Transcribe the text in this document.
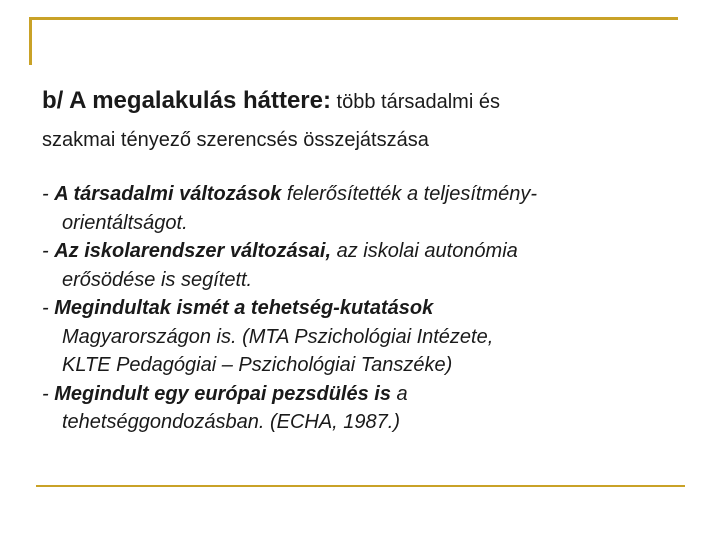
b/ A megalakulás háttere: több társadalmi és
szakmai tényező szerencsés összejátszása
- A társadalmi változások felerősítették a teljesítmény-
orientáltságot.
- Az iskolarendszer változásai, az iskolai autonómia
erősödése is segített.
- Megindultak ismét a tehetség-kutatások
Magyarországon is. (MTA Pszichológiai Intézete,
KLTE Pedagógiai – Pszichológiai Tanszéke)
- Megindult egy európai pezsdülés is a
tehetséggondozásban. (ECHA, 1987.)
